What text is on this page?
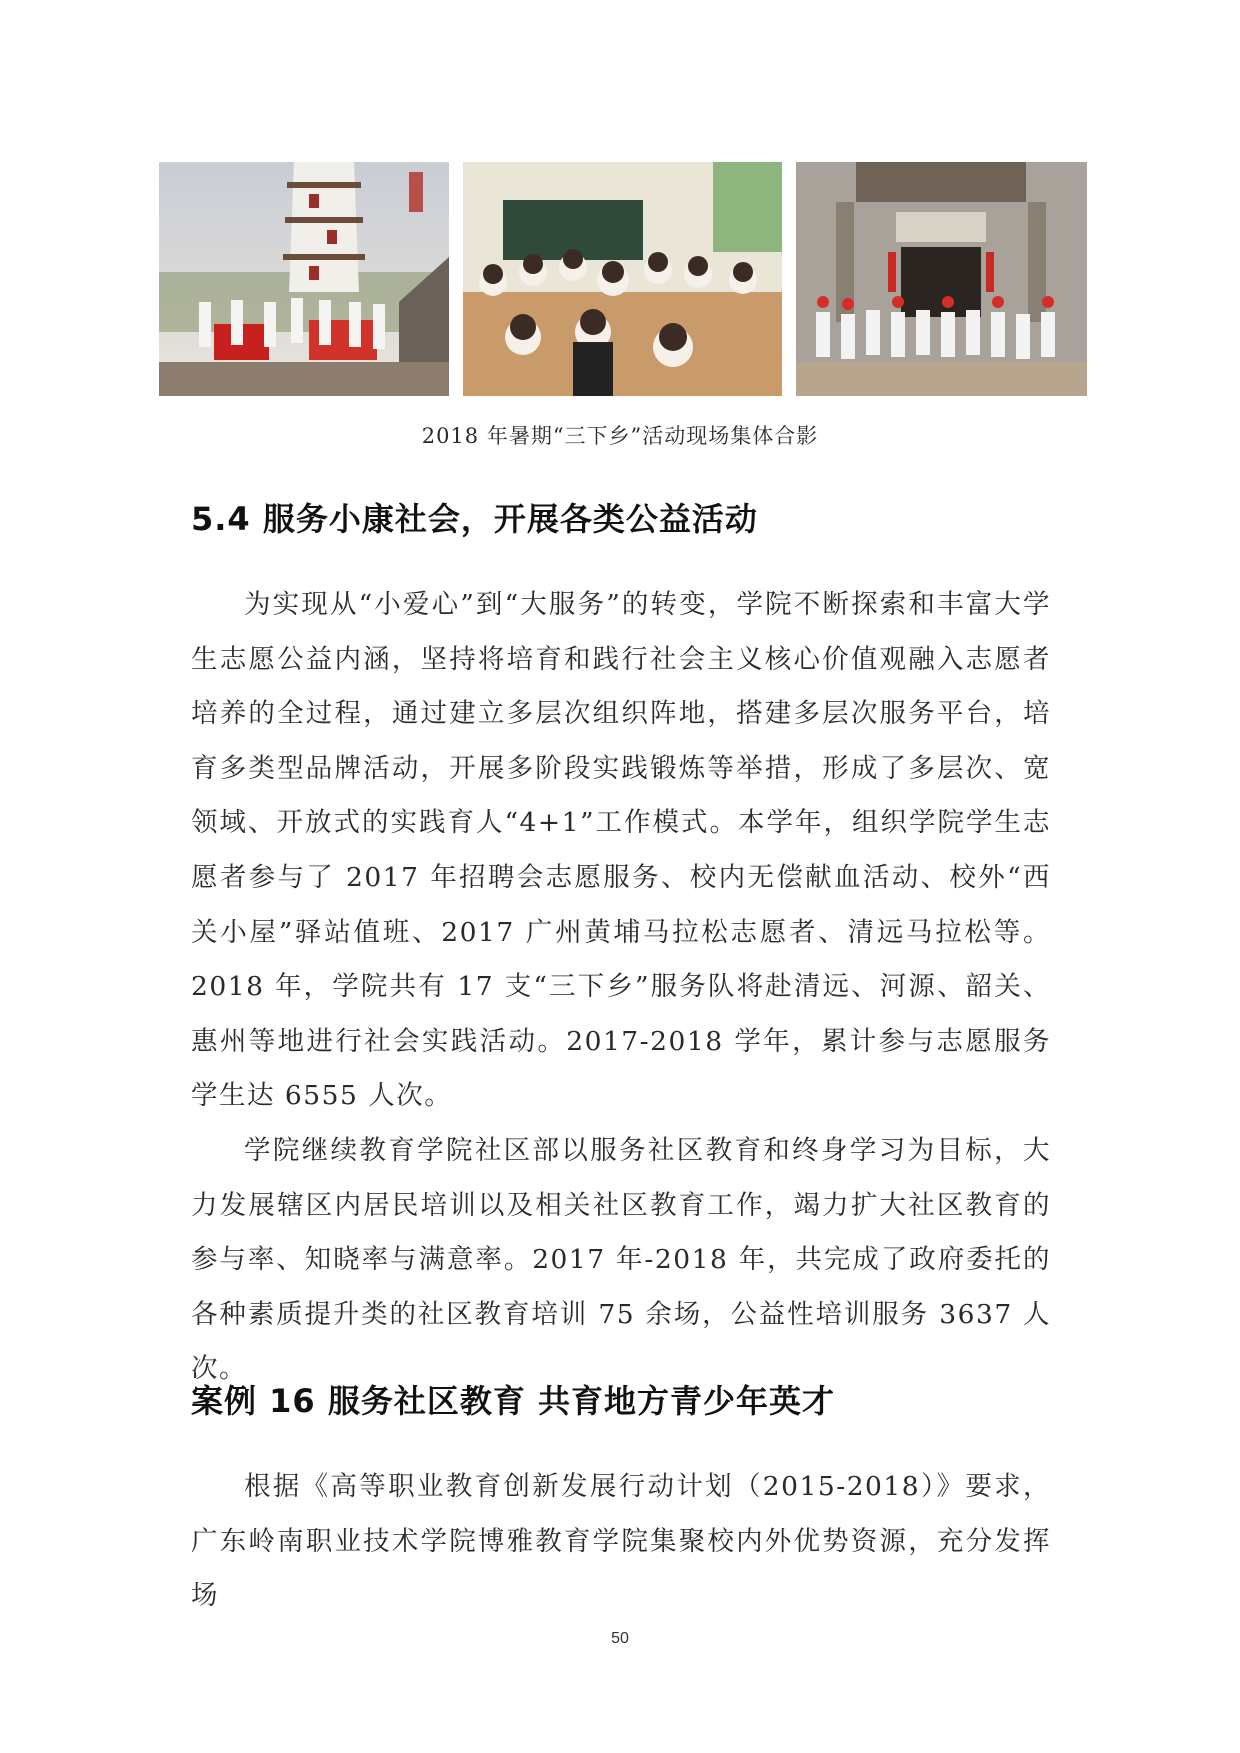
2018 年暑期“三下乡”活动现场集体合影
5.4 服务小康社会，开展各类公益活动

为实现从“小爱心”到“大服务”的转变，学院不断探索和丰富大学生志愿公益内涵，坚持将培育和践行社会主义核心价值观融入志愿者培养的全过程，通过建立多层次组织阵地，搭建多层次服务平台，培育多类型品牌活动，开展多阶段实践锻炼等举措，形成了多层次、宽领域、开放式的实践育人“4+1”工作模式。本学年，组织学院学生志愿者参与了 2017 年招聘会志愿服务、校内无偿献血活动、校外“西关小屋”驿站值班、2017 广州黄埔马拉松志愿者、清远马拉松等。2018 年，学院共有 17 支“三下乡”服务队将赴清远、河源、韶关、惠州等地进行社会实践活动。2017-2018 学年，累计参与志愿服务学生达 6555 人次。

学院继续教育学院社区部以服务社区教育和终身学习为目标，大力发展辖区内居民培训以及相关社区教育工作，竭力扩大社区教育的参与率、知晓率与满意率。2017 年-2018 年，共完成了政府委托的各种素质提升类的社区教育培训 75 余场，公益性培训服务 3637 人次。

案例 16 服务社区教育 共育地方青少年英才

根据《高等职业教育创新发展行动计划（2015-2018）》要求，广东岭南职业技术学院博雅教育学院集聚校内外优势资源，充分发挥场

50
